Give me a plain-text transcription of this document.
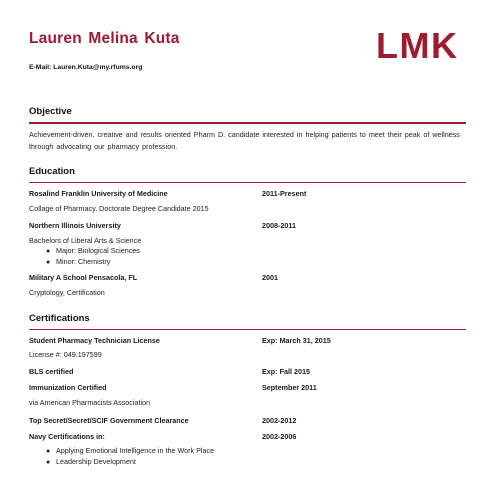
Lauren Melina Kuta
E-Mail: Lauren.Kuta@my.rfums.org
LMK
Objective
Achievement-driven, creative and results oriented Pharm D. candidate interested in helping patients to meet their peak of wellness through advocating our pharmacy profession.
Education
Rosalind Franklin University of Medicine	2011-Present
Collage of Pharmacy, Doctorate Degree Candidate 2015
Northern Illinois University	2008-2011
Bachelors of Liberal Arts & Science
● Major: Biological Sciences
● Minor: Chemistry
Military A School Pensacola, FL	2001
Cryptology, Certification
Certifications
Student Pharmacy Technician License	Exp: March 31, 2015
License #: 049.197599
BLS certified	Exp: Fall 2015
Immunization Certified	September 2011
via American Pharmacists Association
Top Secret/Secret/SCIF Government Clearance	2002-2012
Navy Certifications in:	2002-2006
● Applying Emotional Intelligence in the Work Place
● Leadership Development
